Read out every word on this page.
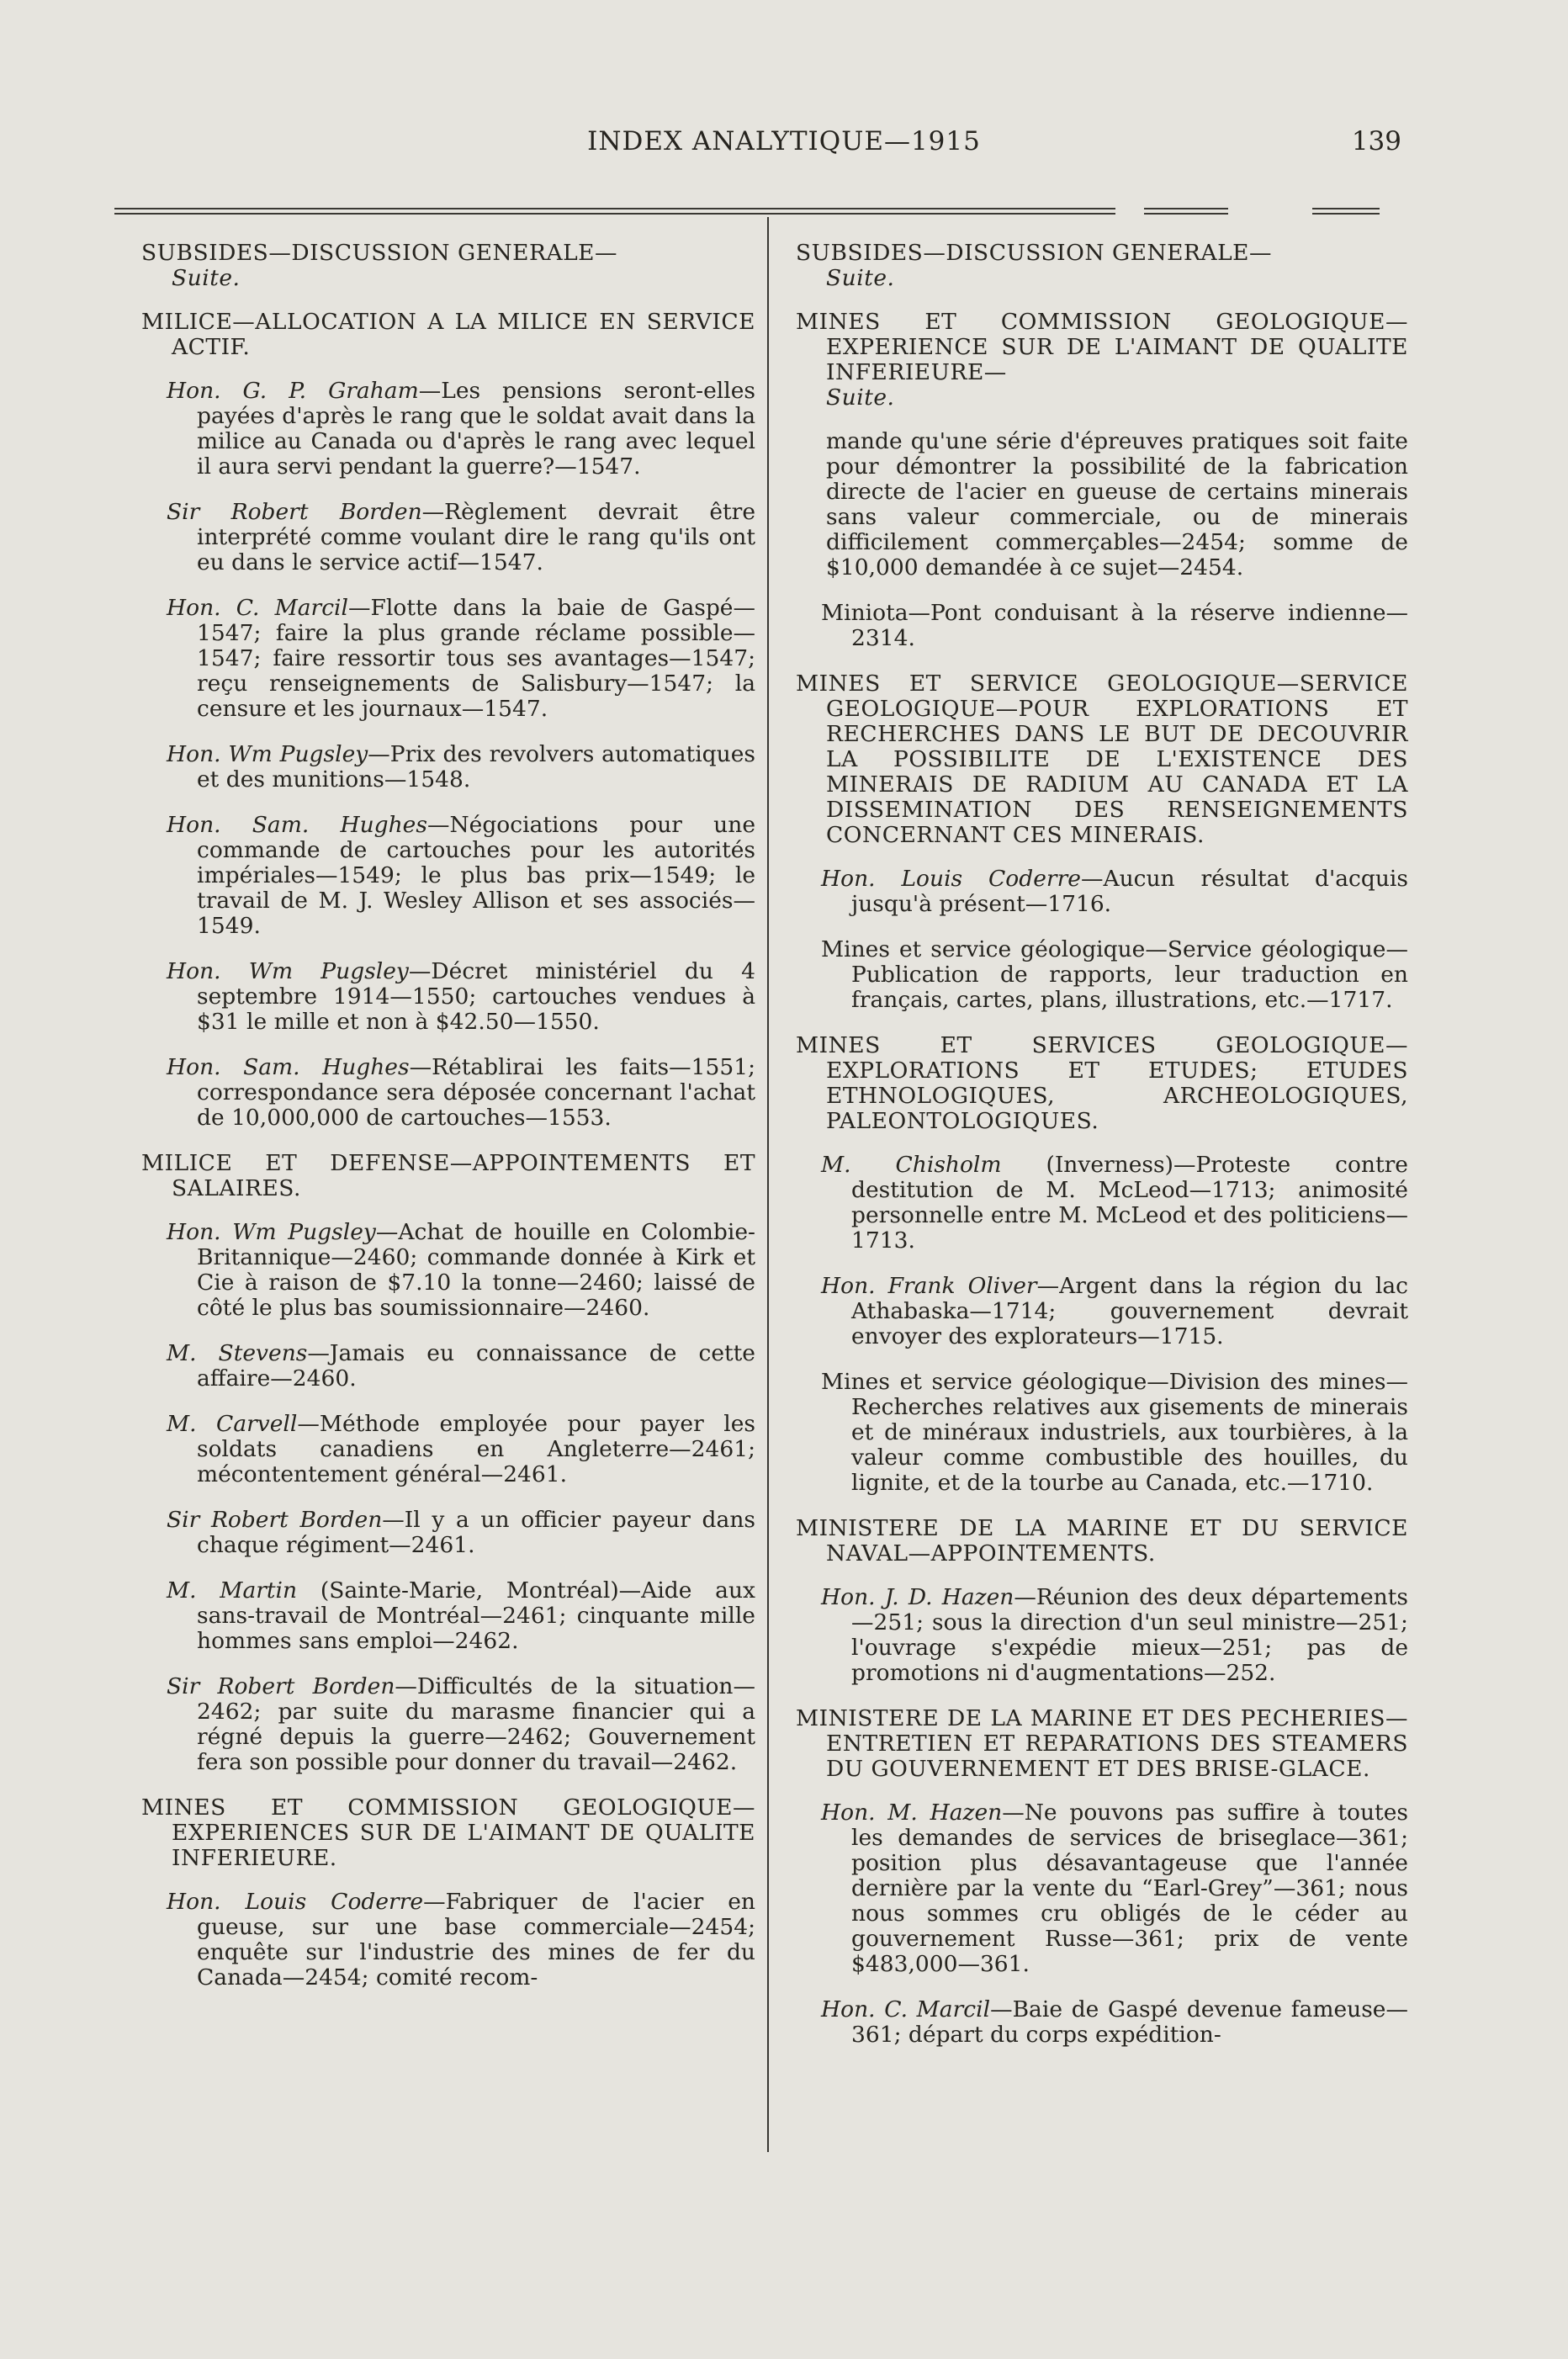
INDEX ANALYTIQUE—1915	139

SUBSIDES—DISCUSSION GENERALE—
Suite.

MILICE—ALLOCATION A LA MILICE EN SERVICE ACTIF.

Hon. G. P. Graham—Les pensions seront-elles payées d'après le rang que le soldat avait dans la milice au Canada ou d'après le rang avec lequel il aura servi pendant la guerre?—1547.

Sir Robert Borden—Règlement devrait être interprété comme voulant dire le rang qu'ils ont eu dans le service actif—1547.

Hon. C. Marcil—Flotte dans la baie de Gaspé—1547; faire la plus grande réclame possible—1547; faire ressortir tous ses avantages—1547; reçu renseignements de Salisbury—1547; la censure et les journaux—1547.

Hon. Wm Pugsley—Prix des revolvers automatiques et des munitions—1548.

Hon. Sam. Hughes—Négociations pour une commande de cartouches pour les autorités impériales—1549; le plus bas prix—1549; le travail de M. J. Wesley Allison et ses associés—1549.

Hon. Wm Pugsley—Décret ministériel du 4 septembre 1914—1550; cartouches vendues à $31 le mille et non à $42.50—1550.

Hon. Sam. Hughes—Rétablirai les faits—1551; correspondance sera déposée concernant l'achat de 10,000,000 de cartouches—1553.

MILICE ET DEFENSE—APPOINTEMENTS ET SALAIRES.

Hon. Wm Pugsley—Achat de houille en Colombie-Britannique—2460; commande donnée à Kirk et Cie à raison de $7.10 la tonne—2460; laissé de côté le plus bas soumissionnaire—2460.

M. Stevens—Jamais eu connaissance de cette affaire—2460.

M. Carvell—Méthode employée pour payer les soldats canadiens en Angleterre—2461; mécontentement général—2461.

Sir Robert Borden—Il y a un officier payeur dans chaque régiment—2461.

M. Martin (Sainte-Marie, Montréal)—Aide aux sans-travail de Montréal—2461; cinquante mille hommes sans emploi—2462.

Sir Robert Borden—Difficultés de la situation—2462; par suite du marasme financier qui a régné depuis la guerre—2462; Gouvernement fera son possible pour donner du travail—2462.

MINES ET COMMISSION GEOLOGIQUE—EXPERIENCES SUR DE L'AIMANT DE QUALITE INFERIEURE.

Hon. Louis Coderre—Fabriquer de l'acier en gueuse, sur une base commerciale—2454; enquête sur l'industrie des mines de fer du Canada—2454; comité recom-

SUBSIDES—DISCUSSION GENERALE—
Suite.

MINES ET COMMISSION GEOLOGIQUE—EXPERIENCE SUR DE L'AIMANT DE QUALITE INFERIEURE—
Suite.

mande qu'une série d'épreuves pratiques soit faite pour démontrer la possibilité de la fabrication directe de l'acier en gueuse de certains minerais sans valeur commerciale, ou de minerais difficilement commerçables—2454; somme de $10,000 demandée à ce sujet—2454.

Miniota—Pont conduisant à la réserve indienne—2314.

MINES ET SERVICE GEOLOGIQUE—SERVICE GEOLOGIQUE—POUR EXPLORATIONS ET RECHERCHES DANS LE BUT DE DECOUVRIR LA POSSIBILITE DE L'EXISTENCE DES MINERAIS DE RADIUM AU CANADA ET LA DISSEMINATION DES RENSEIGNEMENTS CONCERNANT CES MINERAIS.

Hon. Louis Coderre—Aucun résultat d'acquis jusqu'à présent—1716.

Mines et service géologique—Service géologique—Publication de rapports, leur traduction en français, cartes, plans, illustrations, etc.—1717.

MINES ET SERVICES GEOLOGIQUE—EXPLORATIONS ET ETUDES; ETUDES ETHNOLOGIQUES, ARCHEOLOGIQUES, PALEONTOLOGIQUES.

M. Chisholm (Inverness)—Proteste contre destitution de M. McLeod—1713; animosité personnelle entre M. McLeod et des politiciens—1713.

Hon. Frank Oliver—Argent dans la région du lac Athabaska—1714; gouvernement devrait envoyer des explorateurs—1715.

Mines et service géologique—Division des mines—Recherches relatives aux gisements de minerais et de minéraux industriels, aux tourbières, à la valeur comme combustible des houilles, du lignite, et de la tourbe au Canada, etc.—1710.

MINISTERE DE LA MARINE ET DU SERVICE NAVAL—APPOINTEMENTS.

Hon. J. D. Hazen—Réunion des deux départements—251; sous la direction d'un seul ministre—251; l'ouvrage s'expédie mieux—251; pas de promotions ni d'augmentations—252.

MINISTERE DE LA MARINE ET DES PECHERIES—ENTRETIEN ET REPARATIONS DES STEAMERS DU GOUVERNEMENT ET DES BRISE-GLACE.

Hon. M. Hazen—Ne pouvons pas suffire à toutes les demandes de services de briseglace—361; position plus désavantageuse que l'année dernière par la vente du “Earl-Grey”—361; nous nous sommes cru obligés de le céder au gouvernement Russe—361; prix de vente $483,000—361.

Hon. C. Marcil—Baie de Gaspé devenue fameuse—361; départ du corps expédition-
